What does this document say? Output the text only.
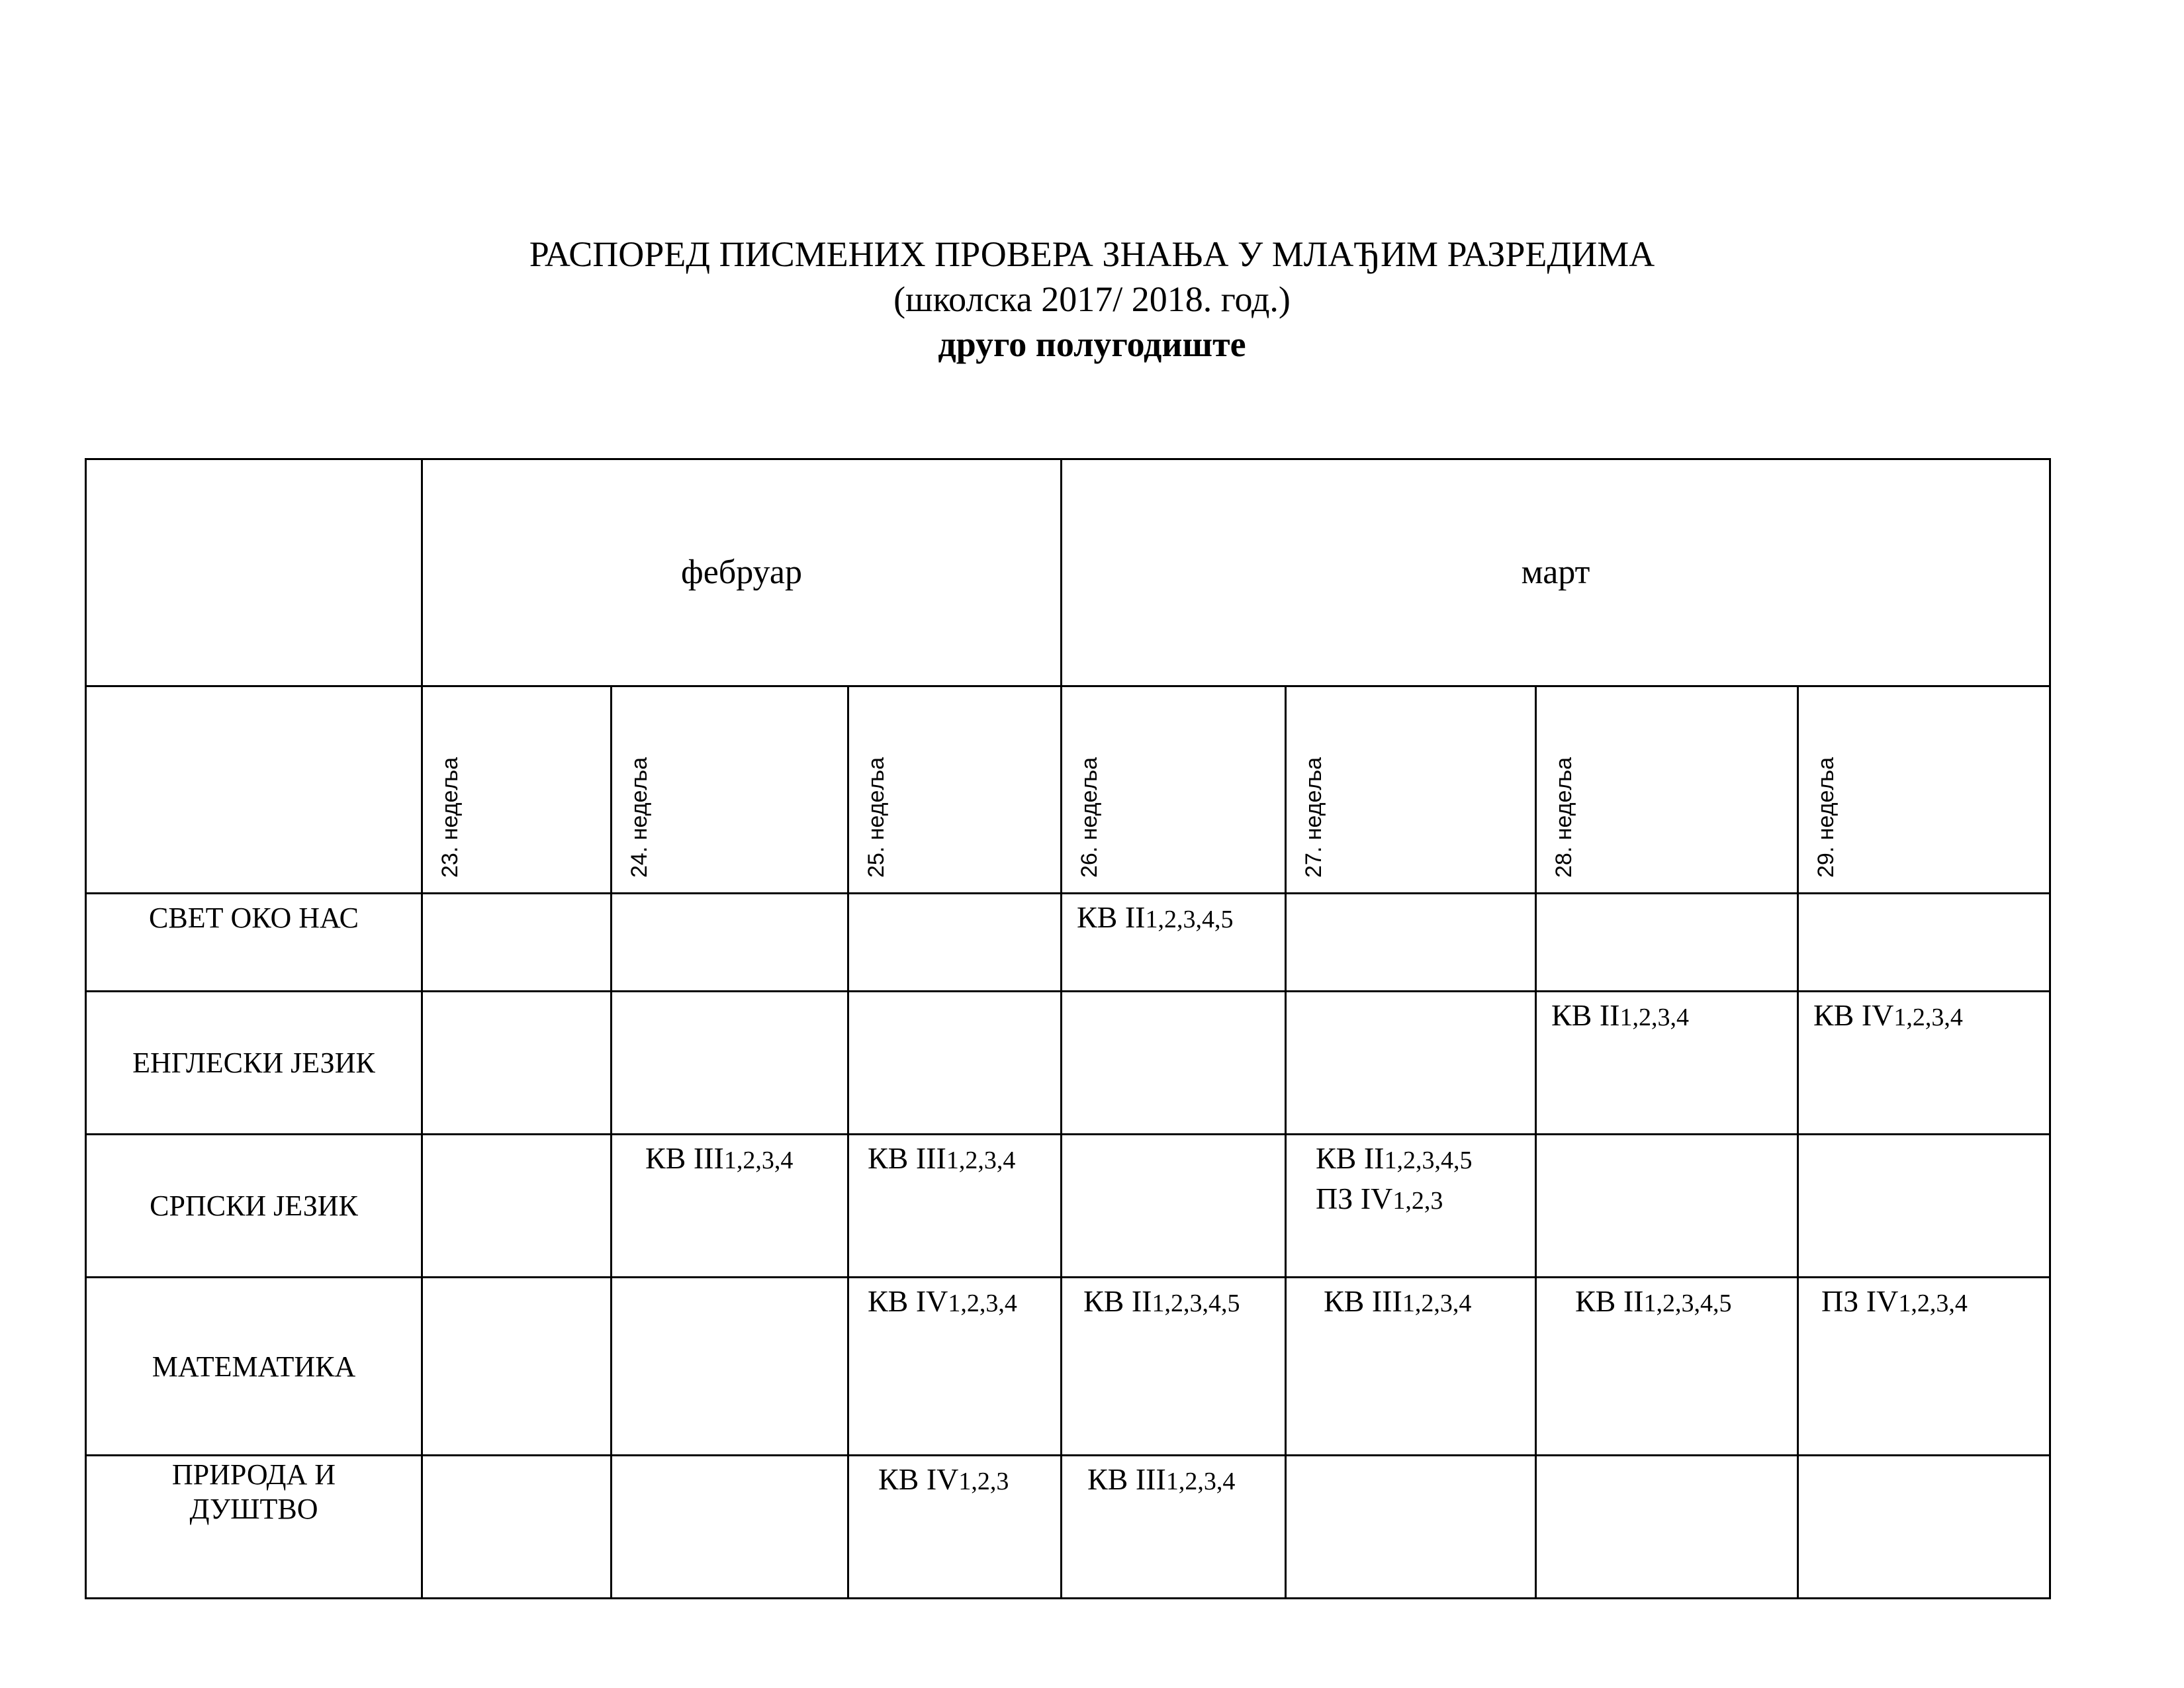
РАСПОРЕД ПИСМЕНИХ ПРОВЕРА ЗНАЊА У МЛАЂИМ РАЗРЕДИМА
(школска 2017/ 2018. год.)
друго полугодиште

	фебруар			март			

	23. недеља	24. недеља	25. недеља	26. недеља	27. недеља	28. недеља	29. недеља

СВЕТ ОКО НАС				КВ II1,2,3,4,5			

ЕНГЛЕСКИ ЈЕЗИК						КВ II1,2,3,4	КВ IV1,2,3,4

СРПСКИ ЈЕЗИК		КВ III1,2,3,4	КВ III1,2,3,4		КВ II1,2,3,4,5
ПЗ IV1,2,3		

МАТЕМАТИКА			КВ IV1,2,3,4	КВ II1,2,3,4,5	КВ III1,2,3,4	КВ II1,2,3,4,5	ПЗ IV1,2,3,4

ПРИРОДА И ДУШТВО			КВ IV1,2,3	КВ III1,2,3,4			
